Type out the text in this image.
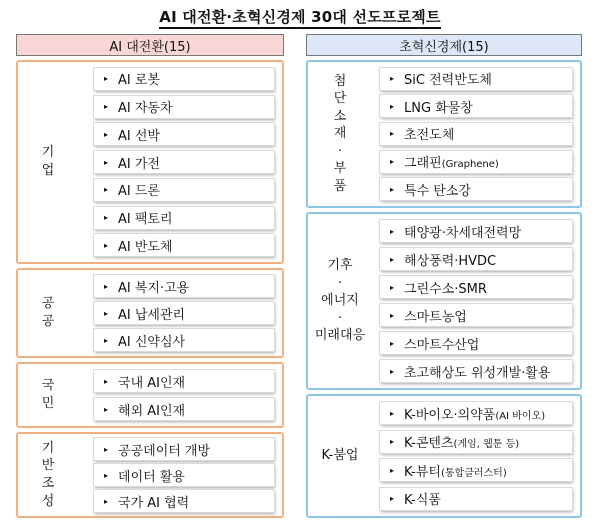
AI 대전환·초혁신경제 30대 선도프로젝트
AI 대전환(15)	초혁신경제(15)
기
업
▸ AI 로봇
▸ AI 자동차
▸ AI 선박
▸ AI 가전
▸ AI 드론
▸ AI 팩토리
▸ AI 반도체
공
공
▸ AI 복지·고용
▸ AI 납세관리
▸ AI 신약심사
국
민
▸ 국내 AI인재
▸ 해외 AI인재
기
반
조
성
▸ 공공데이터 개방
▸ 데이터 활용
▸ 국가 AI 협력
첨
단
소
재
·
부
품
▸ SiC 전력반도체
▸ LNG 화물창
▸ 초전도체
▸ 그래핀(Graphene)
▸ 특수 탄소강
기후
·
에너지
·
미래대응
▸ 태양광·차세대전력망
▸ 해상풍력·HVDC
▸ 그린수소·SMR
▸ 스마트농업
▸ 스마트수산업
▸ 초고해상도 위성개발·활용
K-붐업
▸ K-바이오·의약품(AI 바이오)
▸ K-콘텐츠(게임, 웹툰 등)
▸ K-뷰티(통합클러스터)
▸ K-식품
